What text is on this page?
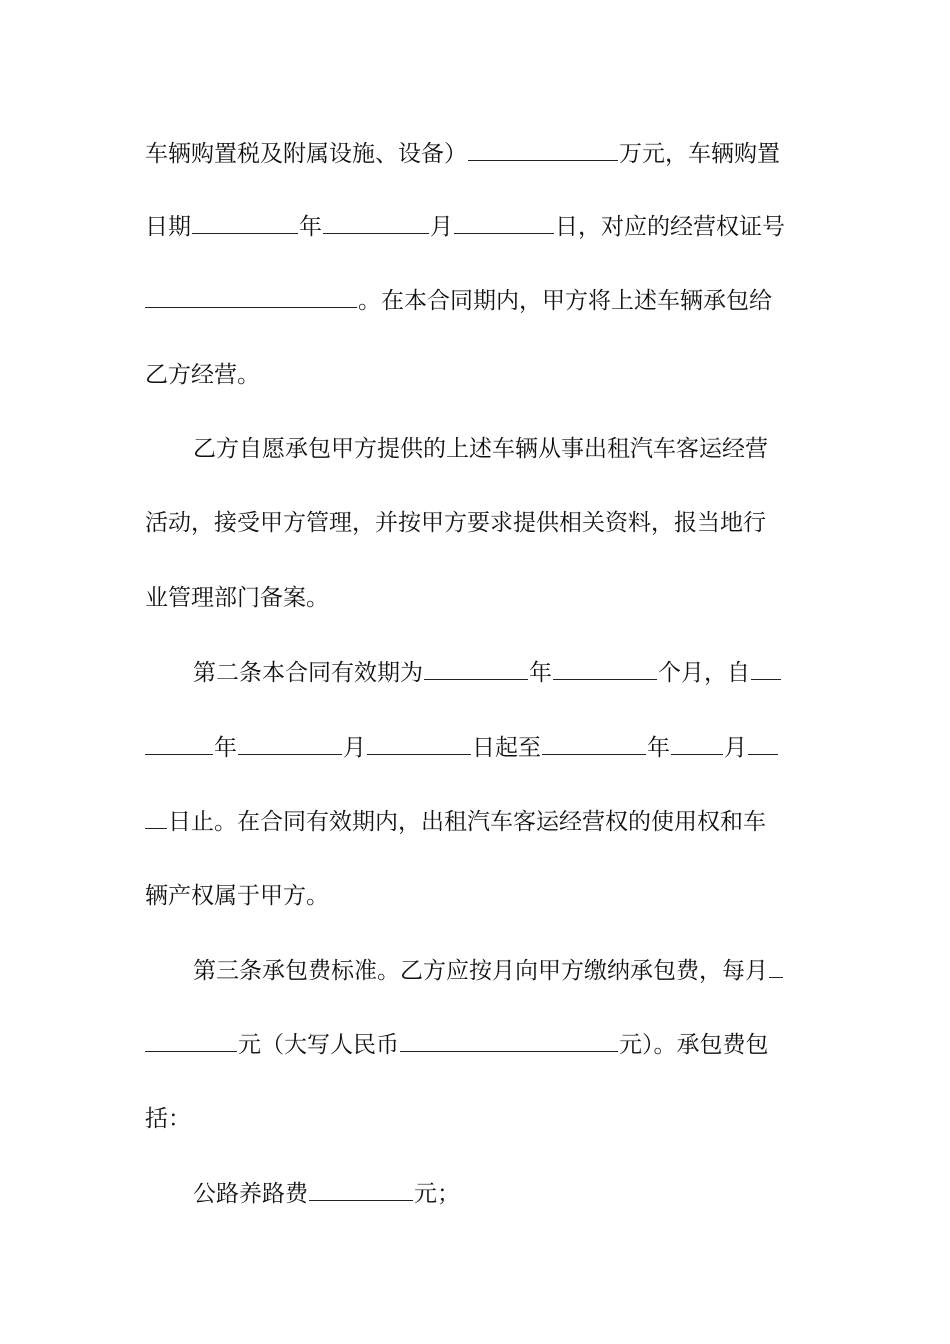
车辆购置税及附属设施、设备）	万元，车辆购置
日期	年	月	日，对应的经营权证号
。在本合同期内，甲方将上述车辆承包给
乙方经营。
乙方自愿承包甲方提供的上述车辆从事出租汽车客运经营
活动，接受甲方管理，并按甲方要求提供相关资料，报当地行
业管理部门备案。
第二条本合同有效期为	年	个月，自
年	月	日起至	年 月
日止。在合同有效期内，出租汽车客运经营权的使用权和车
辆产权属于甲方。
第三条承包费标准。乙方应按月向甲方缴纳承包费，每月
元（大写人民币	元）。承包费包
括：
公路养路费	元；
